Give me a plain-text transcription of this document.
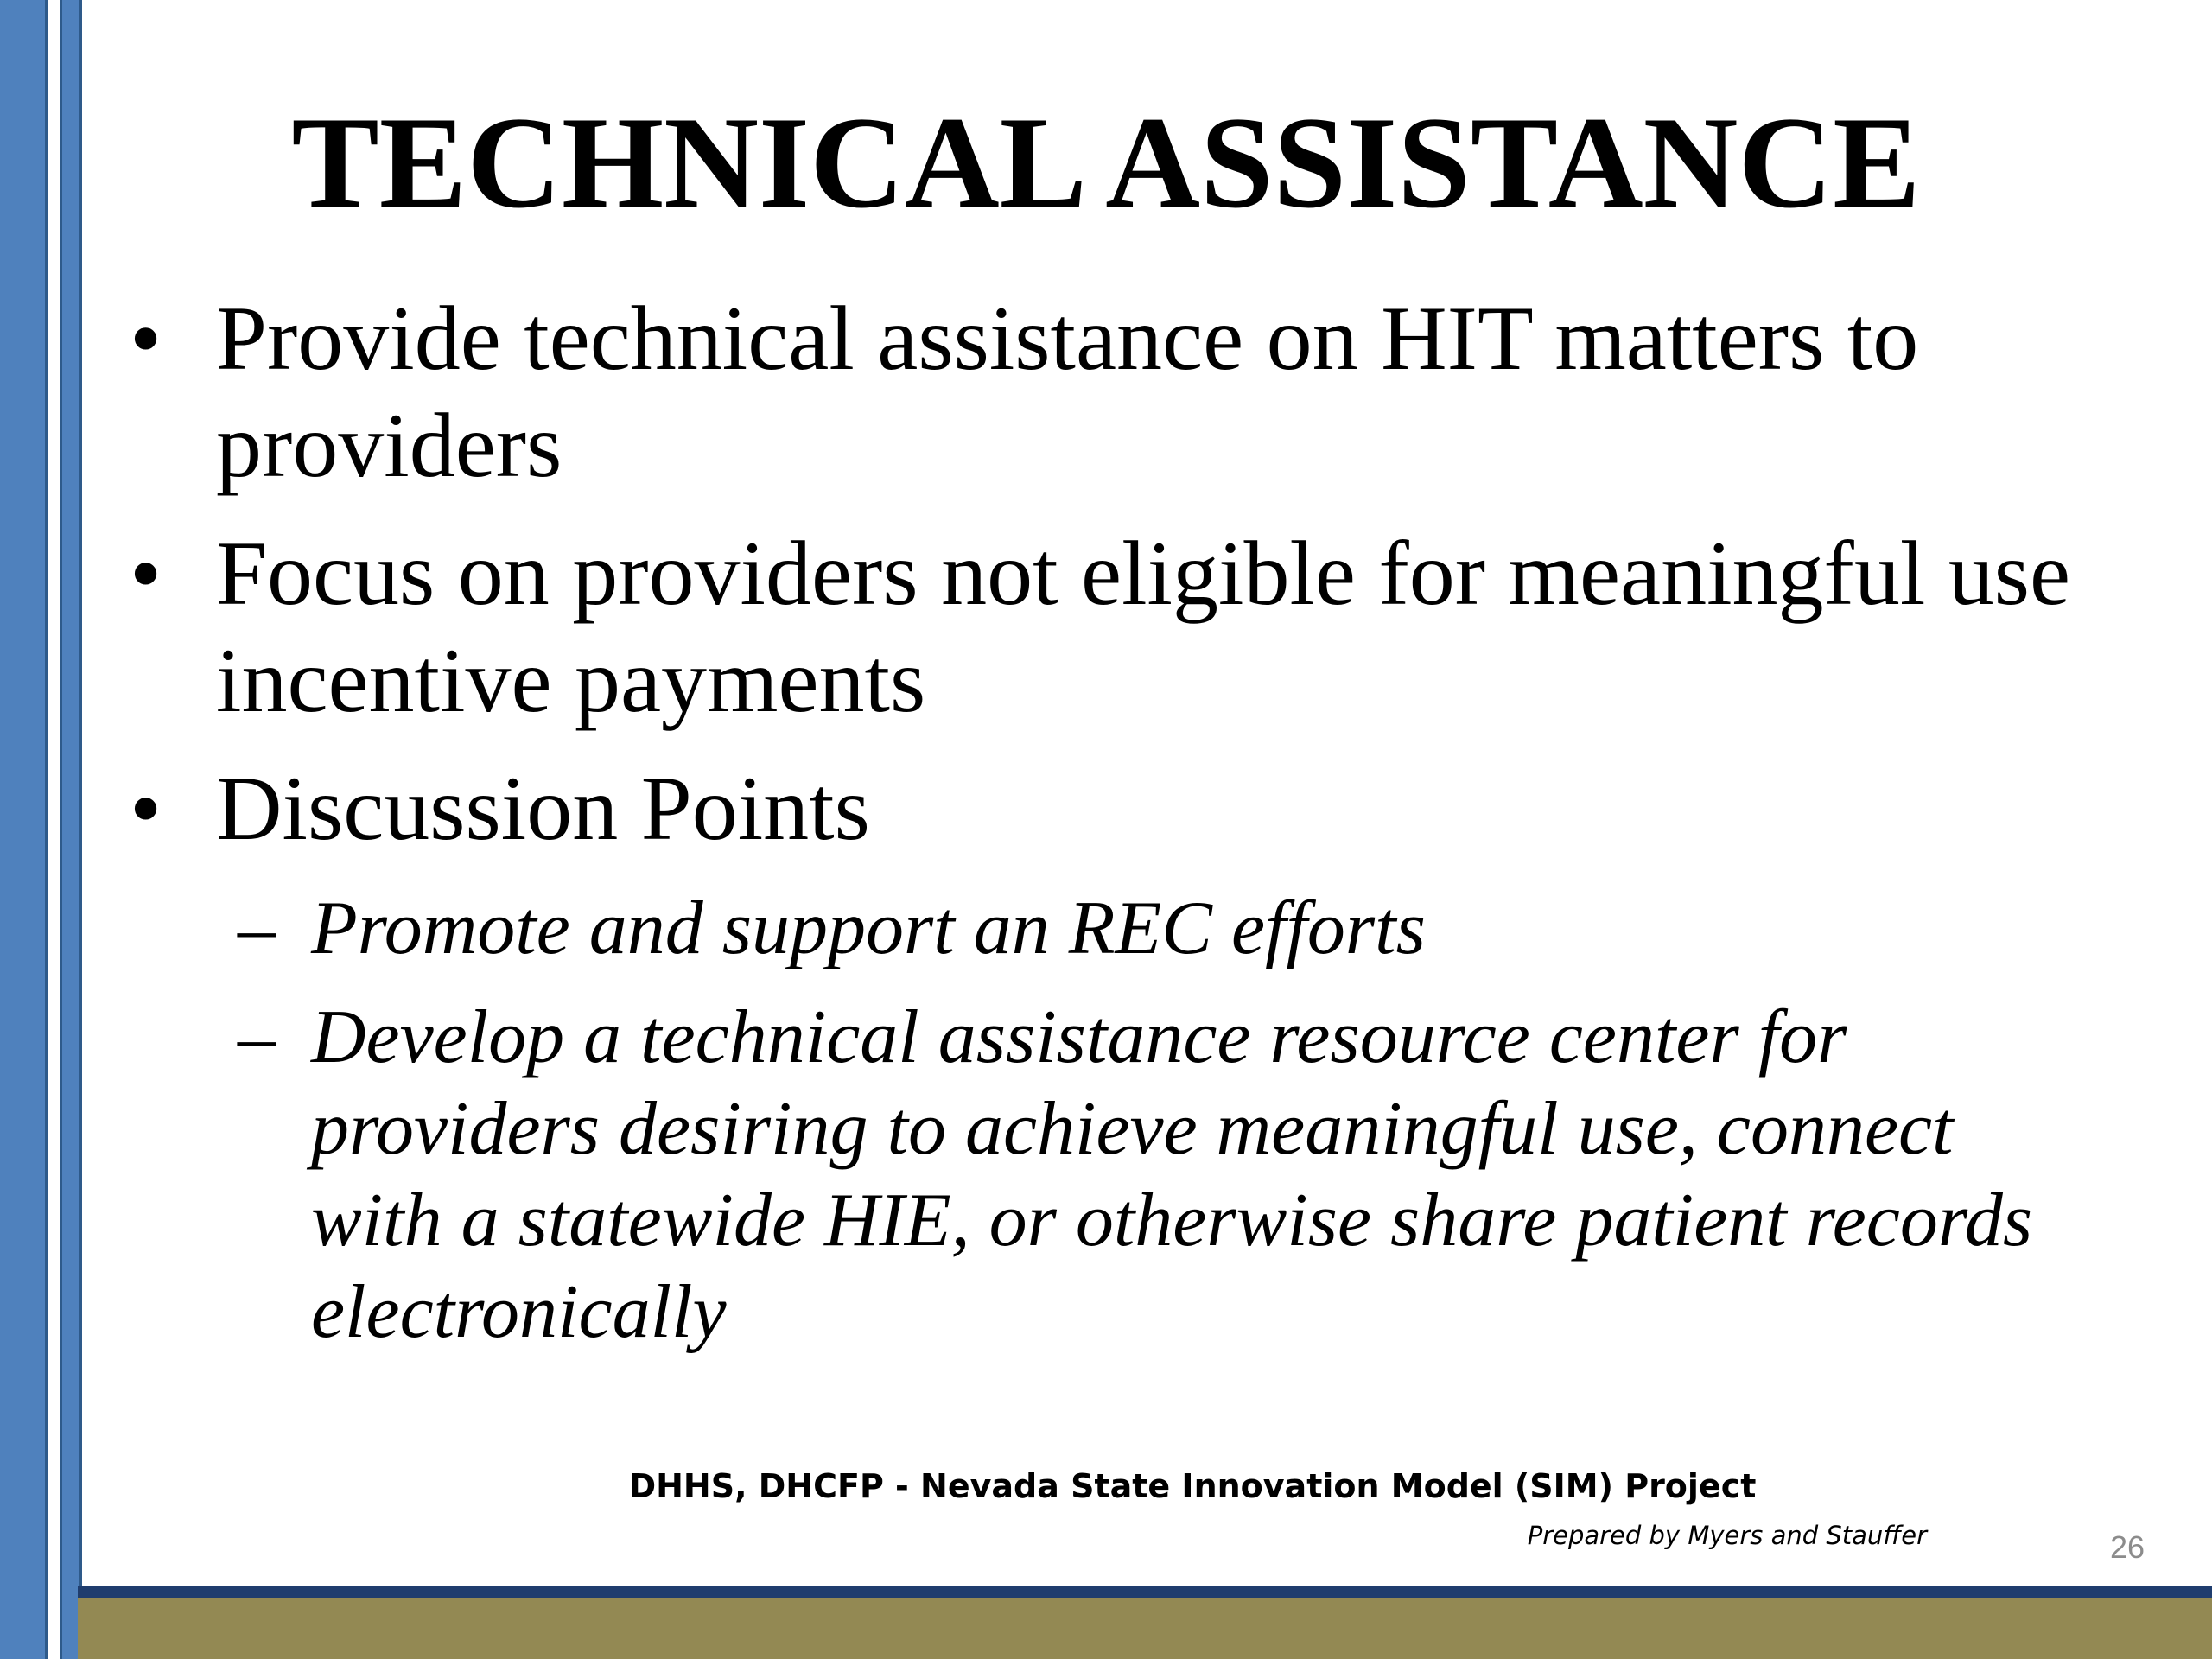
TECHNICAL ASSISTANCE
• Provide technical assistance on HIT matters to providers
• Focus on providers not eligible for meaningful use incentive payments
• Discussion Points
– Promote and support an REC efforts
– Develop a technical assistance resource center for providers desiring to achieve meaningful use, connect with a statewide HIE, or otherwise share patient records electronically
DHHS, DHCFP - Nevada State Innovation Model (SIM) Project
Prepared by Myers and Stauffer	26
